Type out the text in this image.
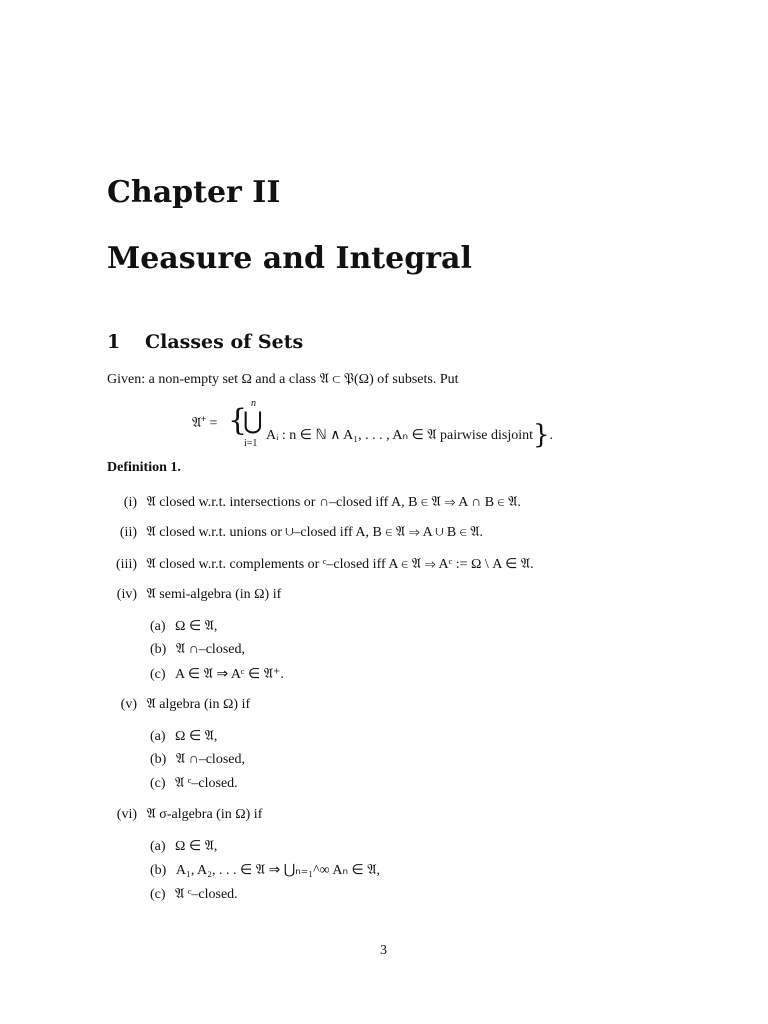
Chapter II
Measure and Integral
1 Classes of Sets
Given: a non-empty set Ω and a class 𝔄 ⊂ 𝔓(Ω) of subsets. Put
𝔄⁺ = { n
⋃
i=1
Aᵢ : n ∈ ℕ ∧ A₁, . . . , Aₙ ∈ 𝔄 pairwise disjoint}.
Definition 1.
(i) 𝔄 closed w.r.t. intersections or ∩–closed iff A, B ∈ 𝔄 ⇒ A ∩ B ∈ 𝔄.
(ii) 𝔄 closed w.r.t. unions or ∪–closed iff A, B ∈ 𝔄 ⇒ A ∪ B ∈ 𝔄.
(iii) 𝔄 closed w.r.t. complements or ᶜ–closed iff A ∈ 𝔄 ⇒ Aᶜ := Ω \ A ∈ 𝔄.
(iv) 𝔄 semi-algebra (in Ω) if
(a) Ω ∈ 𝔄,
(b) 𝔄 ∩–closed,
(c) A ∈ 𝔄 ⇒ Aᶜ ∈ 𝔄⁺.
(v) 𝔄 algebra (in Ω) if
(a) Ω ∈ 𝔄,
(b) 𝔄 ∩–closed,
(c) 𝔄 ᶜ–closed.
(vi) 𝔄 σ-algebra (in Ω) if
(a) Ω ∈ 𝔄,
(b) A₁, A₂, . . . ∈ 𝔄 ⇒ ⋃ₙ₌₁^∞ Aₙ ∈ 𝔄,
(c) 𝔄 ᶜ–closed.
3
